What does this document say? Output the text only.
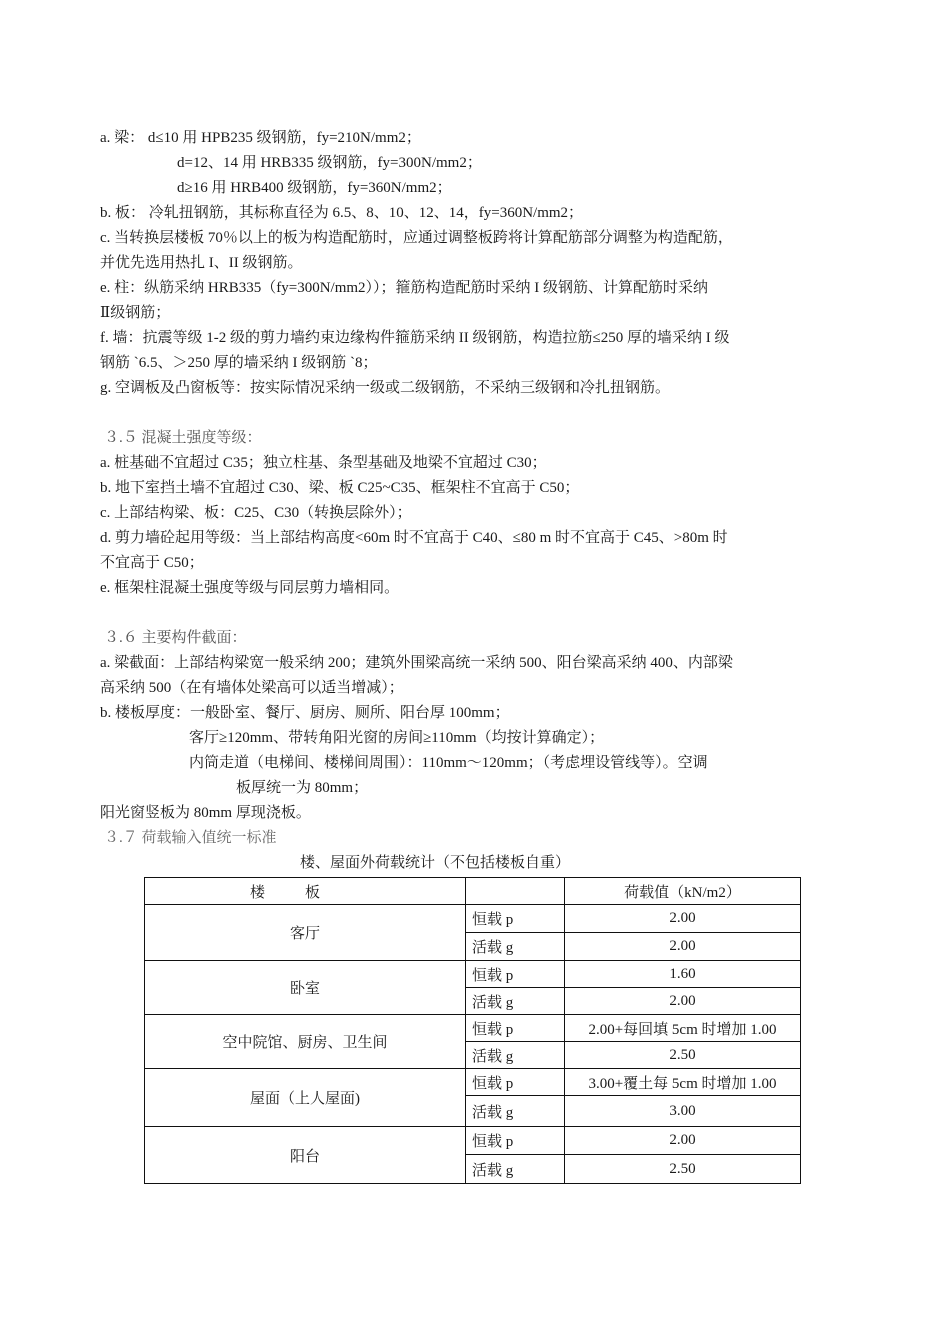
a. 梁： d≤10 用 HPB235 级钢筋，fy=210N/mm2；
d=12、14 用 HRB335 级钢筋，fy=300N/mm2；
d≥16 用 HRB400 级钢筋，fy=360N/mm2；
b. 板： 冷轧扭钢筋，其标称直径为 6.5、8、10、12、14，fy=360N/mm2；
c. 当转换层楼板 70％以上的板为构造配筋时，应通过调整板跨将计算配筋部分调整为构造配筋，
并优先选用热扎 I、II 级钢筋。
e. 柱：纵筋采纳 HRB335（fy=300N/mm2））；箍筋构造配筋时采纳 I 级钢筋、计算配筋时采纳
Ⅱ级钢筋；
f. 墙：抗震等级 1-2 级的剪力墙约束边缘构件箍筋采纳 II 级钢筋，构造拉筋≤250 厚的墙采纳 I 级
钢筋 `6.5、＞250 厚的墙采纳 I 级钢筋 `8；
g. 空调板及凸窗板等：按实际情况采纳一级或二级钢筋，不采纳三级钢和冷扎扭钢筋。
３.５ 混凝土强度等级：
a. 桩基础不宜超过 C35；独立柱基、条型基础及地梁不宜超过 C30；
b. 地下室挡土墙不宜超过 C30、梁、板 C25~C35、框架柱不宜高于 C50；
c. 上部结构梁、板：C25、C30（转换层除外）；
d. 剪力墙砼起用等级：当上部结构高度<60m 时不宜高于 C40、≤80 m 时不宜高于 C45、>80m 时
不宜高于 C50；
e. 框架柱混凝土强度等级与同层剪力墙相同。
３.６ 主要构件截面：
a. 梁截面：上部结构梁宽一般采纳 200；建筑外围梁高统一采纳 500、阳台梁高采纳 400、内部梁
高采纳 500（在有墙体处梁高可以适当增减）；
b. 楼板厚度：一般卧室、餐厅、厨房、厕所、阳台厚 100mm；
客厅≥120mm、带转角阳光窗的房间≥110mm（均按计算确定）；
内筒走道（电梯间、楼梯间周围）：110mm～120mm；（考虑埋设管线等）。空调
板厚统一为 80mm；
阳光窗竖板为 80mm 厚现浇板。
３.７ 荷载输入值统一标准
楼、屋面外荷载统计（不包括楼板自重）
楼板		荷载值（kN/m2）
客厅	恒载 p	2.00
	活载 g	2.00
卧室	恒载 p	1.60
	活载 g	2.00
空中院馆、厨房、卫生间	恒载 p	2.00+每回填 5cm 时增加 1.00
	活载 g	2.50
屋面（上人屋面)	恒载 p	3.00+覆土每 5cm 时增加 1.00
	活载 g	3.00
阳台	恒载 p	2.00
	活载 g	2.50
